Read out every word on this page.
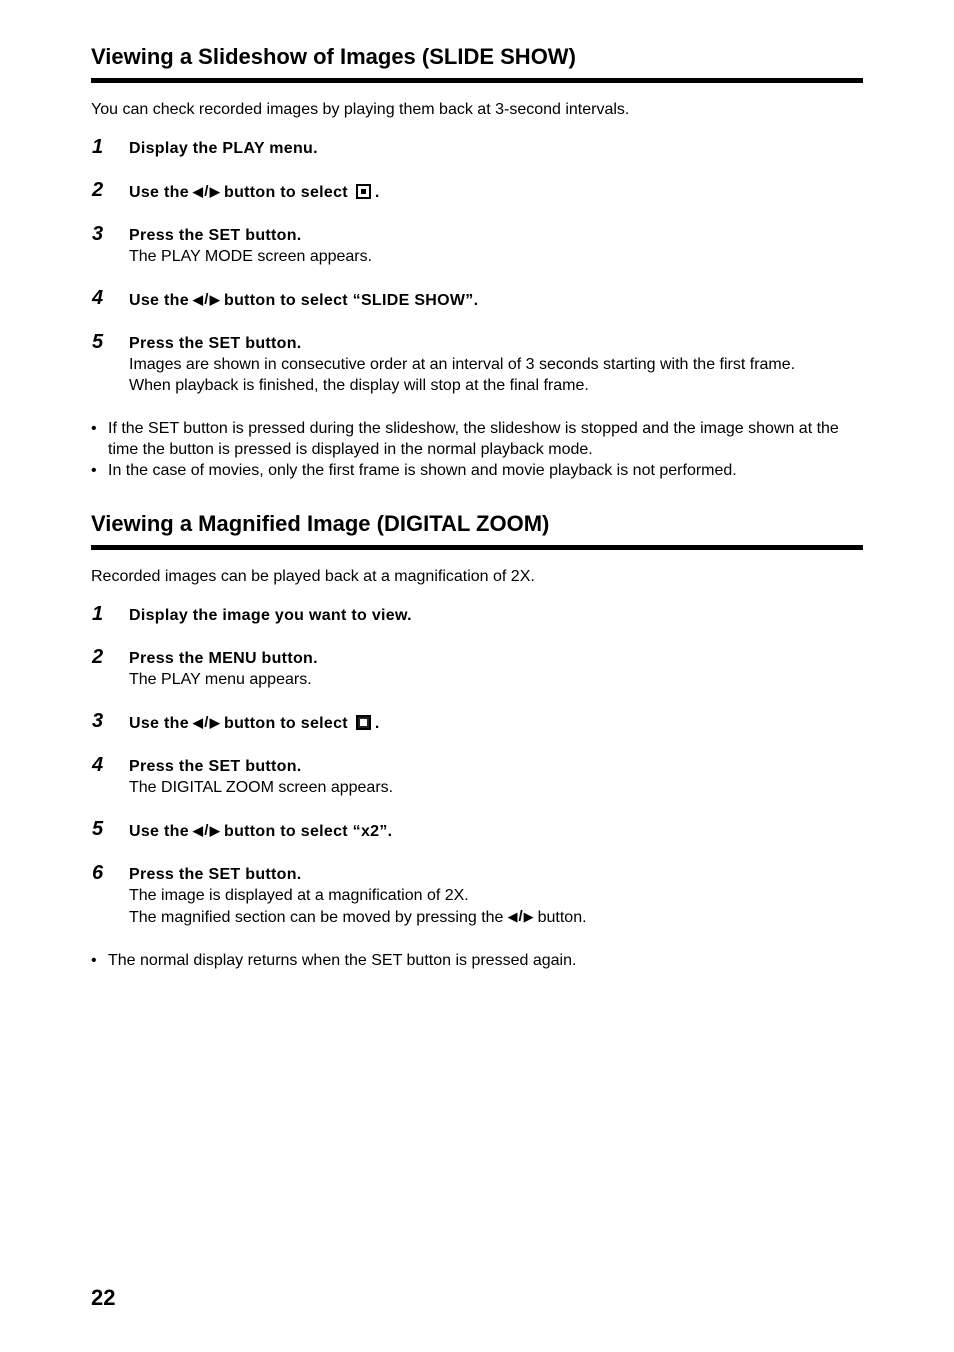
Viewing a Slideshow of Images (SLIDE SHOW)
You can check recorded images by playing them back at 3-second intervals.
1 Display the PLAY menu.
2 Use the ◀/▶ button to select .
3 Press the SET button.
The PLAY MODE screen appears.
4 Use the ◀/▶ button to select “SLIDE SHOW”.
5 Press the SET button.
Images are shown in consecutive order at an interval of 3 seconds starting with the first frame.
When playback is finished, the display will stop at the final frame.
• If the SET button is pressed during the slideshow, the slideshow is stopped and the image shown at the time the button is pressed is displayed in the normal playback mode.
• In the case of movies, only the first frame is shown and movie playback is not performed.
Viewing a Magnified Image (DIGITAL ZOOM)
Recorded images can be played back at a magnification of 2X.
1 Display the image you want to view.
2 Press the MENU button.
The PLAY menu appears.
3 Use the ◀/▶ button to select .
4 Press the SET button.
The DIGITAL ZOOM screen appears.
5 Use the ◀/▶ button to select “x2”.
6 Press the SET button.
The image is displayed at a magnification of 2X.
The magnified section can be moved by pressing the ◀/▶ button.
• The normal display returns when the SET button is pressed again.
22
